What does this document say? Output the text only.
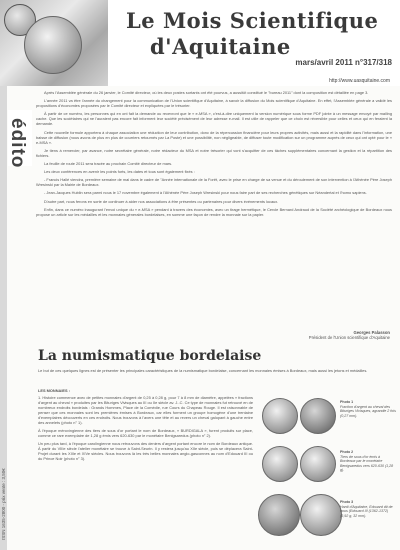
Le Mois Scientifique
d'Aquitaine
mars/avril 2011 n°317/318
http://www.uasquitaine.com
ISSN 1635-2800 - prix vente : 3,50€
édito

Après l'Assemblée générale du 26 janvier, le Comité directeur, où les deux postes sortants ont été pourvus, a aussitôt constitué le "bureau 2011" dont la composition est détaillée en page 3.

L'année 2011 va être l'année du changement pour la communication de l'Union scientifique d'Aquitaine, à savoir la diffusion du Mois scientifique d'Aquitaine. En effet, l'Assemblée générale a validé les propositions d'économies proposées par le Comité directeur et expliquées par le trésorier.

À partir de ce numéro, les personnes qui en ont fait la demande ou recevront que le « e-MSA », c'est-à-dire uniquement la version numérique sous forme PDF jointe à un message envoyé par mailing cache. Que les sociétaires qui ne l'auraient pas encore fait informent leur société précisément de leur adresse e-mail. Il est utile de rappeler que ce choix est réversible pour celles et ceux qui en feraient la demande.

Cette nouvelle formule apportera à chaque association une réduction de leur contribution, donc de la répercussion financière pour leurs propres activités, mais aussi et la rapidité dans l'information, une baisse de diffusion (nous avons de plus en plus de courriers retournés par La Poste) et une possibilité, non négligeable, de diffuser toute modification sur un programme auprès de ceux qui ont opté pour le « e-MSA ».

Je tiens à remercier, par avance, notre secrétaire générale, notre rédacteur du MSA et notre trésorier qui vont s'acquitter de ces tâches supplémentaires concernant la gestion et la répartition des fichiers.

La feuille de route 2011 sera tracée au prochain Comité directeur de mars.

Les deux conférences en avenir les points forts, les dates et tous sont également fixés :

- Francis Hallé viendra, première semaine de mai dans le cadre de "Année internationale de la Forêt, avec le prise en charge de sa venue et du déroulement de son intervention à l'Athénée Père Joseph Wresinski par la Mairie de Bordeaux.

- Jean-Jacques Hublin sera parmi nous le 17 novembre également à l'Athénée Père Joseph Wresinski pour nous faire part de ses recherches génétiques sur Néandertal et l'homo sapiens.

D'autre part, nous ferons en sorte de continuer à aider nos associations à être présentes ou partenaires pour divers événements locaux.

Enfin, dans ce numéro inaugurant l'envoi unique du « e-MSA » pendant à travers des économies, avec un tirage hermétique, le Cercle Bernard Andraud de la Société archéologique de Bordeaux nous propose un article sur les médailles et les monnaies génerales bordelaises, en somme une façon de rendre la monnaie sur la papier.

Georges Palasson
Président de l'Union scientifique d'Aquitaine
La numismatique bordelaise
Le but de ces quelques lignes est de présenter les principales caractéristiques de la numismatique bordelaise, concernant les monnaies émises à Bordeaux, mais aussi les jetons et médailles.

LES MONNAIES :

1. Histoire commence avec de petites monnaies d'argent de 0,25 à 0,28 g, pour 7 à 8 mm de diamètre, appelées « fractions d'argent au cheval » produites par les Bituriges Vivisques au III ou IIe siècle av. J.-C. Ce type de monnaies fut retrouvé en de nombreux endroits bordelais : Grands Hommes, Place de la Comédie, rue Cours du Chapeau Rouge. Il est raisonnable de penser que ces monnaies sont les premières émises à Bordeaux, car elles forment un groupe homogène d'une trentaine d'exemplaires découverts en ces endroits. Nous trouvons à l'avers une tête et au revers un cheval galopant à gauche entre des annelets (photo n° 1).

À l'époque mérovingienne des tiers de sous d'or portant le nom de Bordeaux, « BURDIGALA », furent produits sur place, comme ce rare exemplaire de 1,28 g émis vers 620-630 par le monétaire Benigsaredus (photo n° 2).

Un peu plus tard, à l'époque carolingienne nous retrouvons des deniers d'argent portant encore le nom de Bordeaux antique. À partir du VIIIe siècle l'atelier monétaire se trouve à Saint-Seurin. Il y restera jusqu'au XIIe siècle, puis se déplacera Saint-Projet durant les XIIIe et XIVe siècles. Nous trouvons là les très belles monnaies anglo-gasconnes au nom d'Edouard III ou du Prince Noir (photo n° 3).

Photo 1
Fraction d'argent au cheval des Bituriges Vivisques, agrandie 2 fois (0,27 mm).
Photo 2
Tiers de sous d'or émis à Bordeaux par le monétaire Benigsaredus vers 620-630 (1,28 g).
Photo 3
Hardi d'Aquitaine, Edouard dit de nous (Edouard III (1362-1372) (3,92 g, 32 mm).
